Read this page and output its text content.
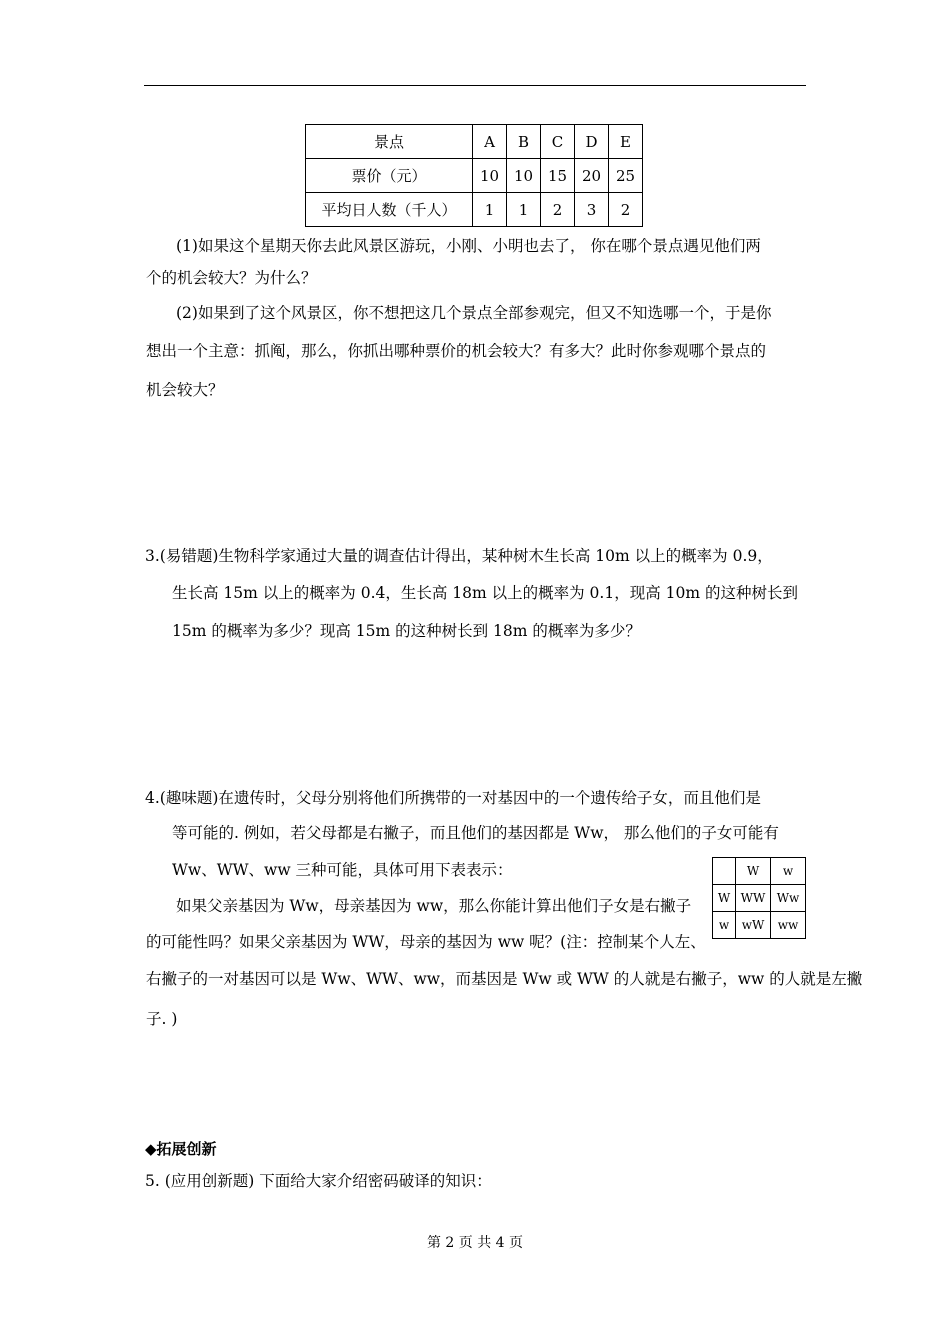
景点	A	B	C	D	E
票价（元）	10	10	15	20	25
平均日人数（千人）	1	1	2	3	2
(1)如果这个星期天你去此风景区游玩，小刚、小明也去了， 你在哪个景点遇见他们两
个的机会较大？为什么？
(2)如果到了这个风景区，你不想把这几个景点全部参观完，但又不知选哪一个，于是你
想出一个主意：抓阄，那么，你抓出哪种票价的机会较大？有多大？此时你参观哪个景点的
机会较大？
3.(易错题)生物科学家通过大量的调查估计得出，某种树木生长高 10m 以上的概率为 0.9，
生长高 15m 以上的概率为 0.4，生长高 18m 以上的概率为 0.1，现高 10m 的这种树长到
15m 的概率为多少？现高 15m 的这种树长到 18m 的概率为多少？
4.(趣味题)在遗传时，父母分别将他们所携带的一对基因中的一个遗传给子女，而且他们是
等可能的. 例如，若父母都是右撇子，而且他们的基因都是 Ww， 那么他们的子女可能有
Ww、WW、ww 三种可能，具体可用下表表示：
如果父亲基因为 Ww，母亲基因为 ww，那么你能计算出他们子女是右撇子
的可能性吗？如果父亲基因为 WW，母亲的基因为 ww 呢？(注：控制某个人左、
右撇子的一对基因可以是 Ww、WW、ww，而基因是 Ww 或 WW 的人就是右撇子，ww 的人就是左撇
子. )
	W	w
W	WW	Ww
w	wW	ww
◆拓展创新
5. (应用创新题) 下面给大家介绍密码破译的知识：
第 2 页 共 4 页
